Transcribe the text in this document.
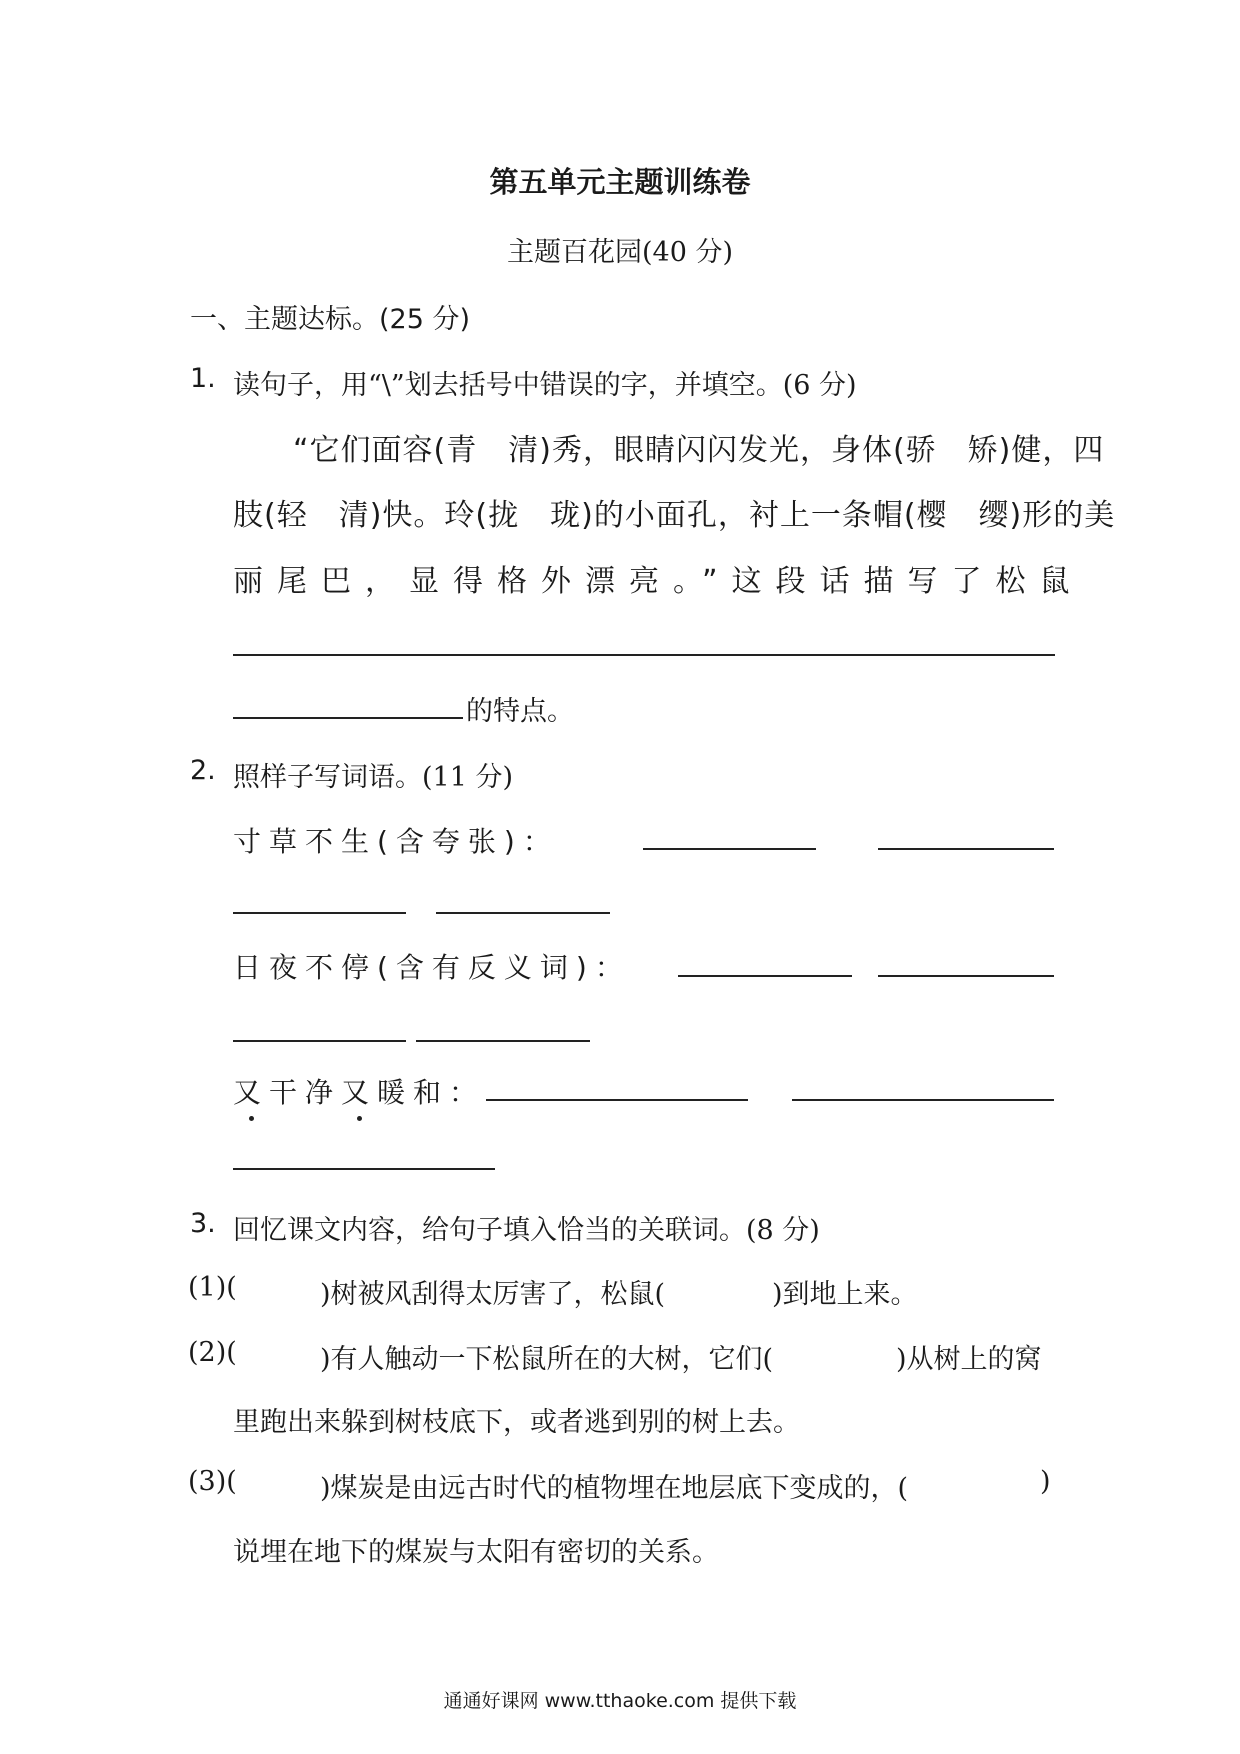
第五单元主题训练卷
主题百花园(40 分)
一、主题达标。(25 分)
1. 读句子，用“\”划去括号中错误的字，并填空。(6 分)
“它们面容(青　清)秀，眼睛闪闪发光，身体(骄　矫)健，四
肢(轻　清)快。玲(拢　珑)的小面孔，衬上一条帽(樱　缨)形的美
丽尾巴，显得格外漂亮。”这段话描写了松鼠
的特点。
2. 照样子写词语。(11 分)
寸草不生(含夸张)：
日夜不停(含有反义词)：
又干净又暖和：
3. 回忆课文内容，给句子填入恰当的关联词。(8 分)
(1)(	)树被风刮得太厉害了，松鼠(	)到地上来。
(2)(	)有人触动一下松鼠所在的大树，它们(	)从树上的窝
里跑出来躲到树枝底下，或者逃到别的树上去。
(3)(	)煤炭是由远古时代的植物埋在地层底下变成的，(	)
说埋在地下的煤炭与太阳有密切的关系。
通通好课网 www.tthaoke.com 提供下载
